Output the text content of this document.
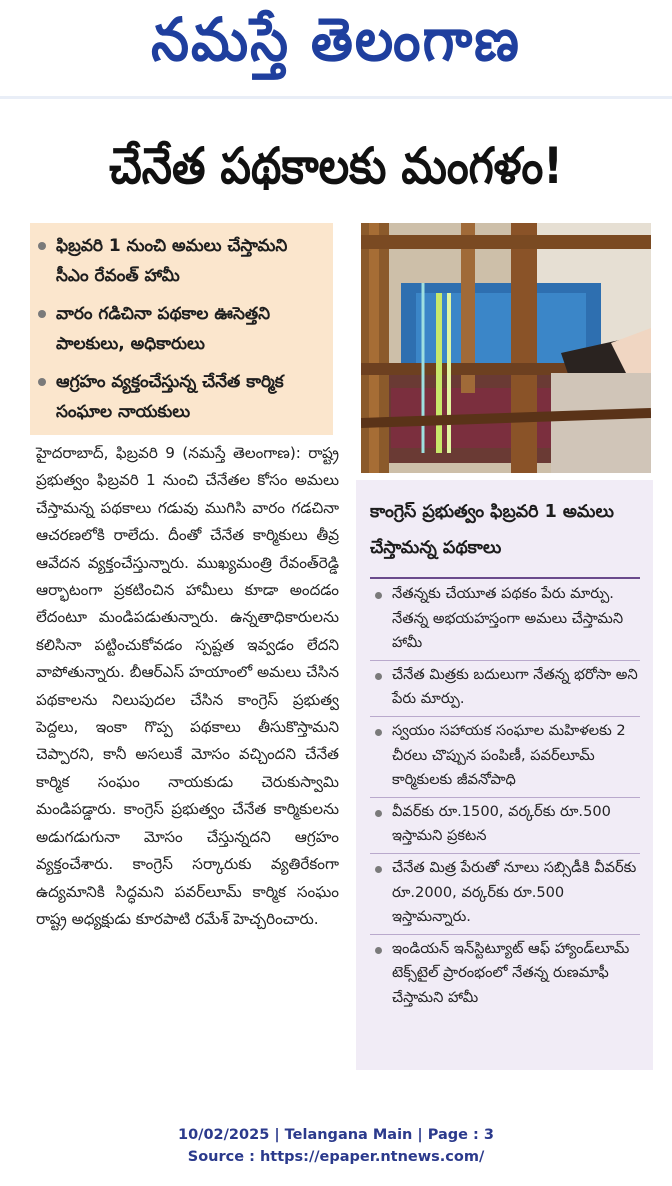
నమస్తే తెలంగాణ
చేనేత పథకాలకు మంగళం!
ఫిబ్రవరి 1 నుంచి అమలు చేస్తామని సీఎం రేవంత్ హామీ
వారం గడిచినా పథకాల ఊసెత్తని పాలకులు, అధికారులు
ఆగ్రహం వ్యక్తంచేస్తున్న చేనేత కార్మిక సంఘాల నాయకులు
హైదరాబాద్, ఫిబ్రవరి 9 (నమస్తే తెలంగాణ): రాష్ట్ర ప్రభుత్వం ఫిబ్రవరి 1 నుంచి చేనేతల కోసం అమలు చేస్తామన్న పథకాలు గడువు ముగిసి వారం గడచినా ఆచరణలోకి రాలేదు. దీంతో చేనేత కార్మికులు తీవ్ర ఆవేదన వ్యక్తంచేస్తున్నారు. ముఖ్యమంత్రి రేవంత్‌రెడ్డి ఆర్భాటంగా ప్రకటించిన హామీలు కూడా అందడం లేదంటూ మండిపడుతున్నారు. ఉన్నతాధికారులను కలిసినా పట్టించుకోవడం స్పష్టత ఇవ్వడం లేదని వాపోతున్నారు. బీఆర్‌ఎస్ హయాంలో అమలు చేసిన పథకాలను నిలుపుదల చేసిన కాంగ్రెస్ ప్రభుత్వ పెద్దలు, ఇంకా గొప్ప పథకాలు తీసుకొస్తామని చెప్పారని, కానీ అసలుకే మోసం వచ్చిందని చేనేత కార్మిక సంఘం నాయకుడు చెరుకుస్వామి మండిపడ్డారు. కాంగ్రెస్ ప్రభుత్వం చేనేత కార్మికులను అడుగడుగునా మోసం చేస్తున్నదని ఆగ్రహం వ్యక్తంచేశారు. కాంగ్రెస్ సర్కారుకు వ్యతిరేకంగా ఉద్యమానికి సిద్ధమని పవర్‌లూమ్ కార్మిక సంఘం రాష్ట్ర అధ్యక్షుడు కూరపాటి రమేశ్ హెచ్చరించారు.
కాంగ్రెస్ ప్రభుత్వం ఫిబ్రవరి 1 అమలు చేస్తామన్న పథకాలు
నేతన్నకు చేయూత పథకం పేరు మార్పు. నేతన్న అభయహస్తంగా అమలు చేస్తామని హామీ
చేనేత మిత్రకు బదులుగా నేతన్న భరోసా అని పేరు మార్పు.
స్వయం సహాయక సంఘాల మహిళలకు 2 చీరలు చొప్పున పంపిణీ, పవర్‌లూమ్ కార్మికులకు జీవనోపాధి
వీవర్‌కు రూ.1500, వర్కర్‌కు రూ.500 ఇస్తామని ప్రకటన
చేనేత మిత్ర పేరుతో నూలు సబ్సిడీకి వీవర్‌కు రూ.2000, వర్కర్‌కు రూ.500 ఇస్తామన్నారు.
ఇండియన్ ఇన్‌స్టిట్యూట్ ఆఫ్ హ్యాండ్‌లూమ్ టెక్స్‌టైల్ ప్రారంభంలో నేతన్న రుణమాఫీ చేస్తామని హామీ
10/02/2025 | Telangana Main | Page : 3
Source : https://epaper.ntnews.com/
